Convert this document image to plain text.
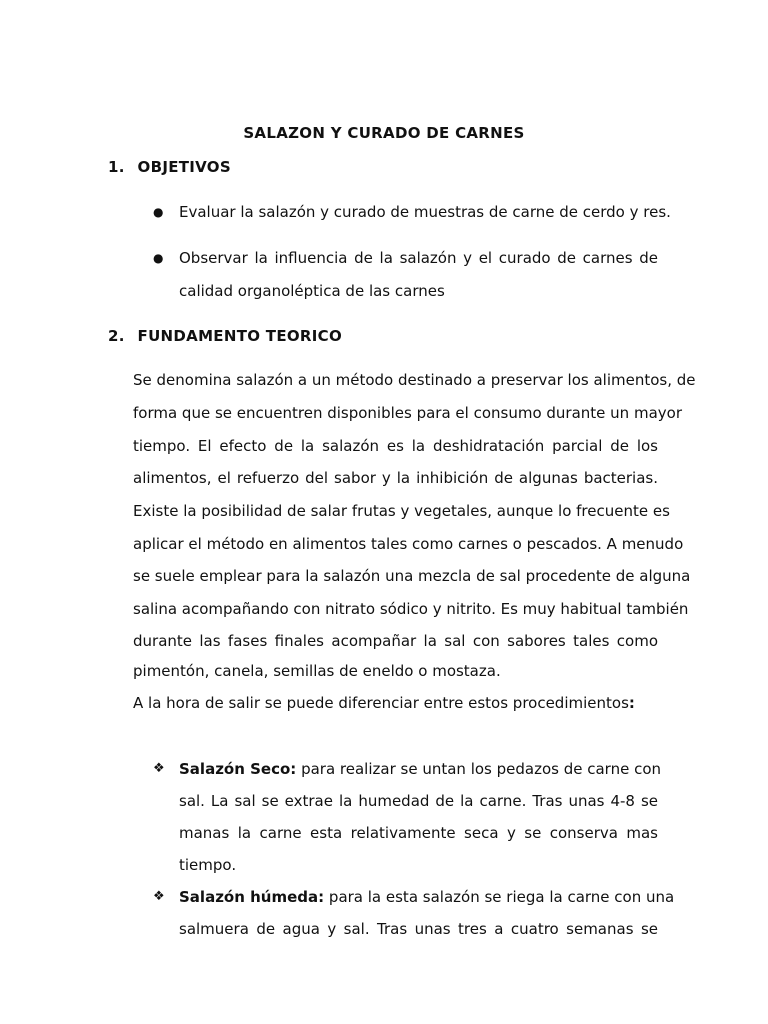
SALAZON Y CURADO DE CARNES
1. OBJETIVOS
● Evaluar la salazón y curado de muestras de carne de cerdo y res.
● Observar la influencia de la salazón y el curado de carnes de
calidad organoléptica de las carnes
2. FUNDAMENTO TEORICO
Se denomina salazón a un método destinado a preservar los alimentos, de
forma que se encuentren disponibles para el consumo durante un mayor
tiempo. El efecto de la salazón es la deshidratación parcial de los
alimentos, el refuerzo del sabor y la inhibición de algunas bacterias.
Existe la posibilidad de salar frutas y vegetales, aunque lo frecuente es
aplicar el método en alimentos tales como carnes o pescados. A menudo
se suele emplear para la salazón una mezcla de sal procedente de alguna
salina acompañando con nitrato sódico y nitrito. Es muy habitual también
durante las fases finales acompañar la sal con sabores tales como
pimentón, canela, semillas de eneldo o mostaza.
A la hora de salir se puede diferenciar entre estos procedimientos:
❖ Salazón Seco: para realizar se untan los pedazos de carne con
sal. La sal se extrae la humedad de la carne. Tras unas 4-8 se
manas la carne esta relativamente seca y se conserva mas
tiempo.
❖ Salazón húmeda: para la esta salazón se riega la carne con una
salmuera de agua y sal. Tras unas tres a cuatro semanas se
